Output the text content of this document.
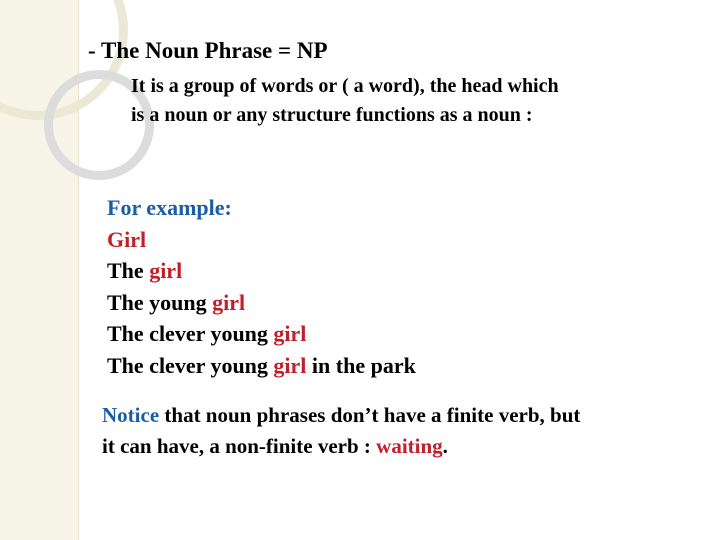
- The Noun Phrase = NP
It is a group of words or ( a word), the head which
is a noun or any structure functions as a noun :
For example:
Girl
The girl
The young girl
The clever young girl
The clever young girl in the park
Notice that noun phrases don’t have a finite verb, but
it can have, a non-finite verb : waiting.
